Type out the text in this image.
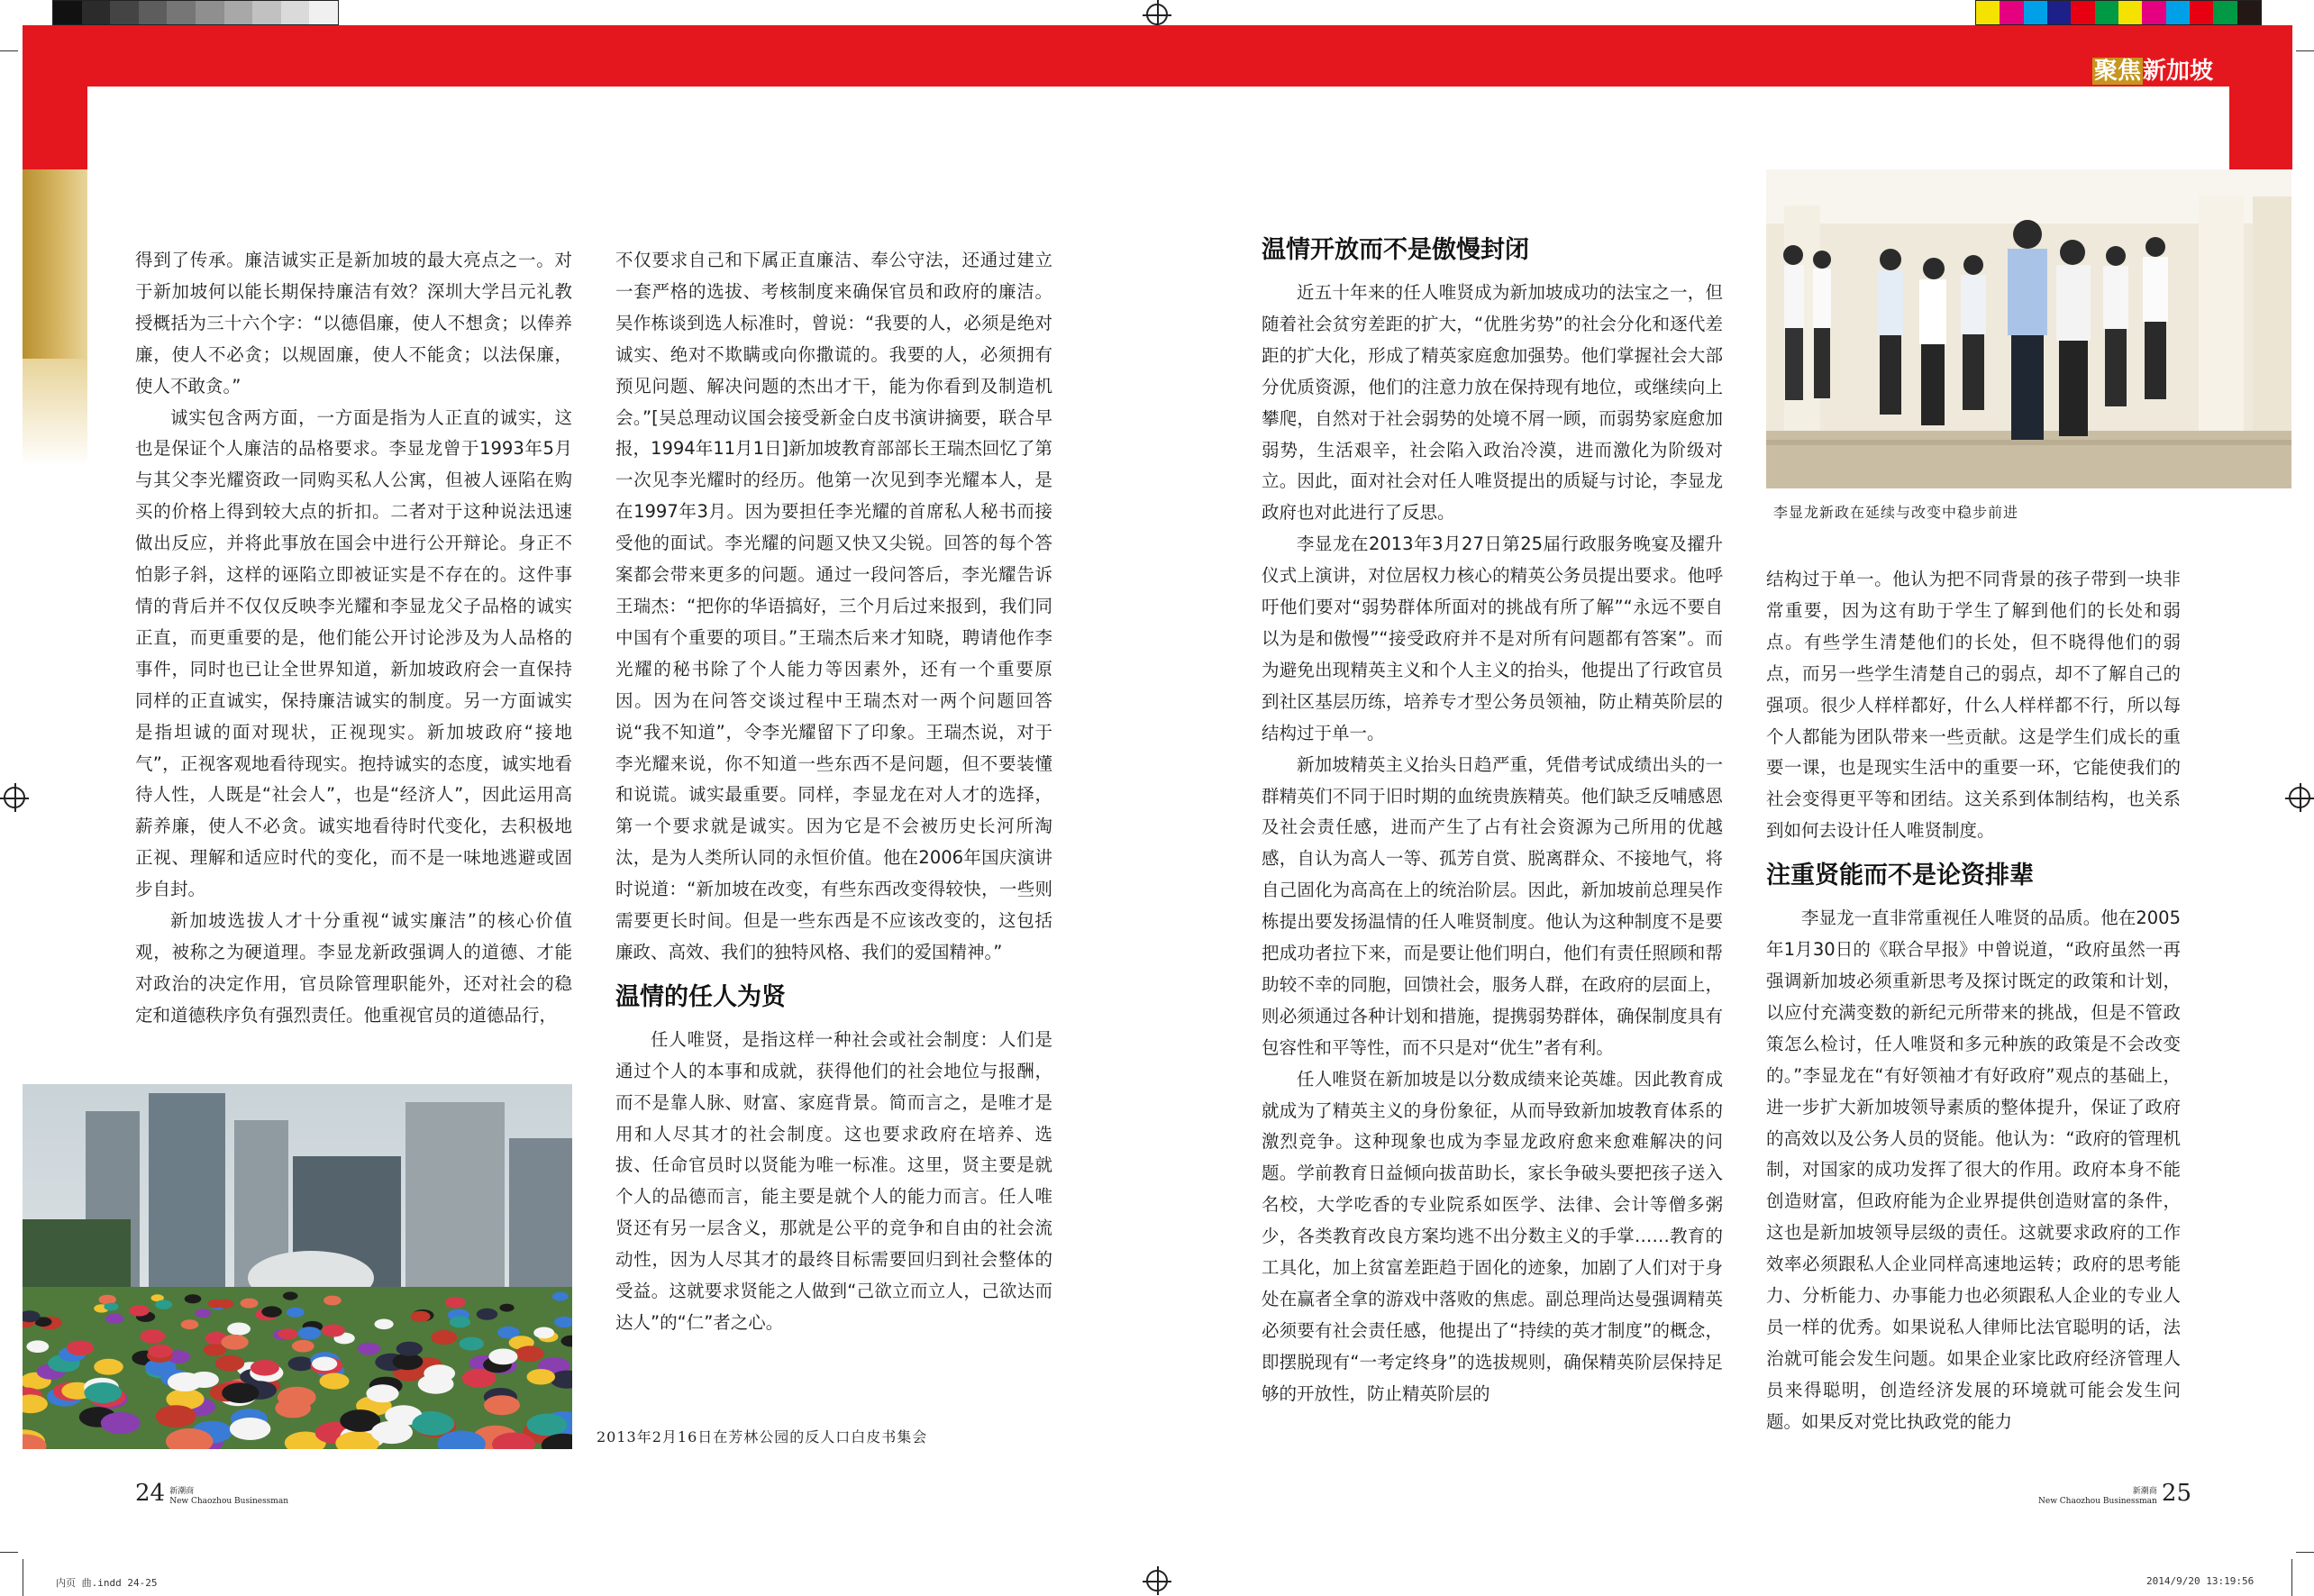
聚焦新加坡

得到了传承。廉洁诚实正是新加坡的最大亮点之一。对于新加坡何以能长期保持廉洁有效？深圳大学吕元礼教授概括为三十六个字：“以德倡廉，使人不想贪；以俸养廉，使人不必贪；以规固廉，使人不能贪；以法保廉，使人不敢贪。”

诚实包含两方面，一方面是指为人正直的诚实，这也是保证个人廉洁的品格要求。李显龙曾于1993年5月与其父李光耀资政一同购买私人公寓，但被人诬陷在购买的价格上得到较大点的折扣。二者对于这种说法迅速做出反应，并将此事放在国会中进行公开辩论。身正不怕影子斜，这样的诬陷立即被证实是不存在的。这件事情的背后并不仅仅反映李光耀和李显龙父子品格的诚实正直，而更重要的是，他们能公开讨论涉及为人品格的事件，同时也已让全世界知道，新加坡政府会一直保持同样的正直诚实，保持廉洁诚实的制度。另一方面诚实是指坦诚的面对现状，正视现实。新加坡政府“接地气”，正视客观地看待现实。抱持诚实的态度，诚实地看待人性，人既是“社会人”，也是“经济人”，因此运用高薪养廉，使人不必贪。诚实地看待时代变化，去积极地正视、理解和适应时代的变化，而不是一味地逃避或固步自封。

新加坡选拔人才十分重视“诚实廉洁”的核心价值观，被称之为硬道理。李显龙新政强调人的道德、才能对政治的决定作用，官员除管理职能外，还对社会的稳定和道德秩序负有强烈责任。他重视官员的道德品行，

不仅要求自己和下属正直廉洁、奉公守法，还通过建立一套严格的选拔、考核制度来确保官员和政府的廉洁。吴作栋谈到选人标准时，曾说：“我要的人，必须是绝对诚实、绝对不欺瞒或向你撒谎的。我要的人，必须拥有预见问题、解决问题的杰出才干，能为你看到及制造机会。”[吴总理动议国会接受新金白皮书演讲摘要，联合早报，1994年11月1日]新加坡教育部部长王瑞杰回忆了第一次见李光耀时的经历。他第一次见到李光耀本人，是在1997年3月。因为要担任李光耀的首席私人秘书而接受他的面试。李光耀的问题又快又尖锐。回答的每个答案都会带来更多的问题。通过一段问答后，李光耀告诉王瑞杰：“把你的华语搞好，三个月后过来报到，我们同中国有个重要的项目。”王瑞杰后来才知晓，聘请他作李光耀的秘书除了个人能力等因素外，还有一个重要原因。因为在问答交谈过程中王瑞杰对一两个问题回答说“我不知道”，令李光耀留下了印象。王瑞杰说，对于李光耀来说，你不知道一些东西不是问题，但不要装懂和说谎。诚实最重要。同样，李显龙在对人才的选择，第一个要求就是诚实。因为它是不会被历史长河所淘汰，是为人类所认同的永恒价值。他在2006年国庆演讲时说道：“新加坡在改变，有些东西改变得较快，一些则需要更长时间。但是一些东西是不应该改变的，这包括廉政、高效、我们的独特风格、我们的爱国精神。”

温情的任人为贤

任人唯贤，是指这样一种社会或社会制度：人们是通过个人的本事和成就，获得他们的社会地位与报酬，而不是靠人脉、财富、家庭背景。简而言之，是唯才是用和人尽其才的社会制度。这也要求政府在培养、选拔、任命官员时以贤能为唯一标准。这里，贤主要是就个人的品德而言，能主要是就个人的能力而言。任人唯贤还有另一层含义，那就是公平的竞争和自由的社会流动性，因为人尽其才的最终目标需要回归到社会整体的受益。这就要求贤能之人做到“己欲立而立人，己欲达而达人”的“仁”者之心。

2013年2月16日在芳林公园的反人口白皮书集会
24 新潮商
New Chaozhou Businessman
温情开放而不是傲慢封闭

近五十年来的任人唯贤成为新加坡成功的法宝之一，但随着社会贫穷差距的扩大，“优胜劣势”的社会分化和逐代差距的扩大化，形成了精英家庭愈加强势。他们掌握社会大部分优质资源，他们的注意力放在保持现有地位，或继续向上攀爬，自然对于社会弱势的处境不屑一顾，而弱势家庭愈加弱势，生活艰辛，社会陷入政治冷漠，进而激化为阶级对立。因此，面对社会对任人唯贤提出的质疑与讨论，李显龙政府也对此进行了反思。

李显龙在2013年3月27日第25届行政服务晚宴及擢升仪式上演讲，对位居权力核心的精英公务员提出要求。他呼吁他们要对“弱势群体所面对的挑战有所了解”“永远不要自以为是和傲慢”“接受政府并不是对所有问题都有答案”。而为避免出现精英主义和个人主义的抬头，他提出了行政官员到社区基层历练，培养专才型公务员领袖，防止精英阶层的结构过于单一。

新加坡精英主义抬头日趋严重，凭借考试成绩出头的一群精英们不同于旧时期的血统贵族精英。他们缺乏反哺感恩及社会责任感，进而产生了占有社会资源为己所用的优越感，自认为高人一等、孤芳自赏、脱离群众、不接地气，将自己固化为高高在上的统治阶层。因此，新加坡前总理吴作栋提出要发扬温情的任人唯贤制度。他认为这种制度不是要把成功者拉下来，而是要让他们明白，他们有责任照顾和帮助较不幸的同胞，回馈社会，服务人群，在政府的层面上，则必须通过各种计划和措施，提携弱势群体，确保制度具有包容性和平等性，而不只是对“优生”者有利。

任人唯贤在新加坡是以分数成绩来论英雄。因此教育成就成为了精英主义的身份象征，从而导致新加坡教育体系的激烈竞争。这种现象也成为李显龙政府愈来愈难解决的问题。学前教育日益倾向拔苗助长，家长争破头要把孩子送入名校，大学吃香的专业院系如医学、法律、会计等僧多粥少，各类教育改良方案均逃不出分数主义的手掌……教育的工具化，加上贫富差距趋于固化的迹象，加剧了人们对于身处在赢者全拿的游戏中落败的焦虑。副总理尚达曼强调精英必须要有社会责任感，他提出了“持续的英才制度”的概念，即摆脱现有“一考定终身”的选拔规则，确保精英阶层保持足够的开放性，防止精英阶层的

李显龙新政在延续与改变中稳步前进

结构过于单一。他认为把不同背景的孩子带到一块非常重要，因为这有助于学生了解到他们的长处和弱点。有些学生清楚他们的长处，但不晓得他们的弱点，而另一些学生清楚自己的弱点，却不了解自己的强项。很少人样样都好，什么人样样都不行，所以每个人都能为团队带来一些贡献。这是学生们成长的重要一课，也是现实生活中的重要一环，它能使我们的社会变得更平等和团结。这关系到体制结构，也关系到如何去设计任人唯贤制度。

注重贤能而不是论资排辈

李显龙一直非常重视任人唯贤的品质。他在2005年1月30日的《联合早报》中曾说道，“政府虽然一再强调新加坡必须重新思考及探讨既定的政策和计划，以应付充满变数的新纪元所带来的挑战，但是不管政策怎么检讨，任人唯贤和多元种族的政策是不会改变的。”李显龙在“有好领袖才有好政府”观点的基础上，进一步扩大新加坡领导素质的整体提升，保证了政府的高效以及公务人员的贤能。他认为：“政府的管理机制，对国家的成功发挥了很大的作用。政府本身不能创造财富，但政府能为企业界提供创造财富的条件，这也是新加坡领导层级的责任。这就要求政府的工作效率必须跟私人企业同样高速地运转；政府的思考能力、分析能力、办事能力也必须跟私人企业的专业人员一样的优秀。如果说私人律师比法官聪明的话，法治就可能会发生问题。如果企业家比政府经济管理人员来得聪明，创造经济发展的环境就可能会发生问题。如果反对党比执政党的能力

新潮商
New Chaozhou Businessman 25
内页 曲.indd 24-25	2014/9/20 13:19:56
